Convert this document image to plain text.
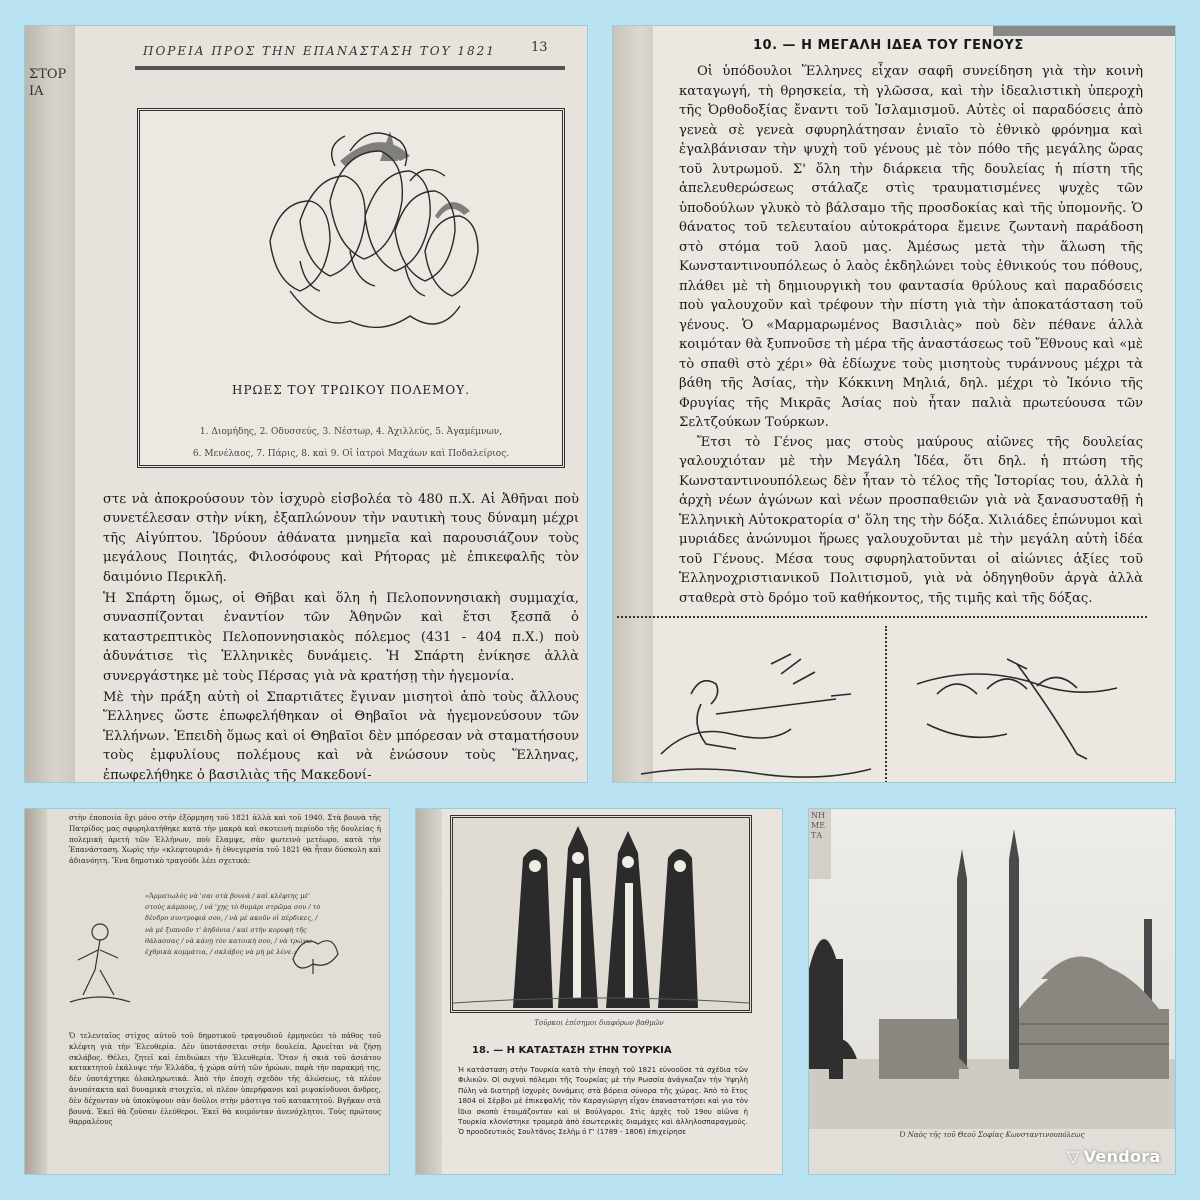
ΣΤΟΡΙΑ
ΠΟΡΕΙΑ ΠΡΟΣ ΤΗΝ ΕΠΑΝΑΣΤΑΣΗ ΤΟΥ 1821	13
ΗΡΩΕΣ ΤΟΥ ΤΡΩΙΚΟΥ ΠΟΛΕΜΟΥ.
1. Διομήδης, 2. Οδυσσεύς, 3. Νέστωρ, 4. Ἀχιλλεύς, 5. Ἀγαμέμνων,
6. Μενέλαος, 7. Πάρις, 8. καὶ 9. Οἱ ἰατροὶ Μαχάων καὶ Ποδαλείριος.

στε νὰ ἀποκρούσουν τὸν ἰσχυρὸ εἰσβολέα τὸ 480 π.Χ. Αἱ Ἀθῆναι ποὺ συνετέλεσαν στὴν νίκη, ἐξαπλώνουν τὴν ναυτικὴ τους δύναμη μέχρι τῆς Αἰγύπτου. Ἱδρύουν ἀθάνατα μνημεῖα καὶ παρουσιάζουν τοὺς μεγάλους Ποιητάς, Φιλοσόφους καὶ Ρήτορας μὲ ἐπικεφαλῆς τὸν δαιμόνιο Περικλῆ.

Ἡ Σπάρτη ὅμως, οἱ Θῆβαι καὶ ὅλη ἡ Πελοποννησιακὴ συμμαχία, συνασπίζονται ἐναντίον τῶν Ἀθηνῶν καὶ ἔτσι ξεσπᾶ ὁ καταστρεπτικὸς Πελοποννησιακὸς πόλεμος (431 - 404 π.Χ.) ποὺ ἀδυνάτισε τὶς Ἑλληνικὲς δυνάμεις. Ἡ Σπάρτη ἐνίκησε ἀλλὰ συνεργάστηκε μὲ τοὺς Πέρσας γιὰ νὰ κρατήσῃ τὴν ἡγεμονία.

Μὲ τὴν πράξη αὐτὴ οἱ Σπαρτιᾶτες ἔγιναν μισητοὶ ἀπὸ τοὺς ἄλλους Ἕλληνες ὥστε ἐπωφελήθηκαν οἱ Θηβαῖοι νὰ ἡγεμονεύσουν τῶν Ἑλλήνων. Ἐπειδὴ ὅμως καὶ οἱ Θηβαῖοι δὲν μπόρεσαν νὰ σταματήσουν τοὺς ἐμφυλίους πολέμους καὶ νὰ ἑνώσουν τοὺς Ἕλληνας, ἐπωφελήθηκε ὁ βασιλιὰς τῆς Μακεδονί-

10. — Η ΜΕΓΑΛΗ ΙΔΕΑ ΤΟΥ ΓΕΝΟΥΣ

Οἱ ὑπόδουλοι Ἕλληνες εἶχαν σαφῆ συνείδηση γιὰ τὴν κοινὴ καταγωγή, τὴ θρησκεία, τὴ γλῶσσα, καὶ τὴν ἰδεαλιστικὴ ὑπεροχὴ τῆς Ὀρθοδοξίας ἔναντι τοῦ Ἰσλαμισμοῦ. Αὐτὲς οἱ παραδόσεις ἀπὸ γενεὰ σὲ γενεὰ σφυρηλάτησαν ἐνιαῖο τὸ ἐθνικὸ φρόνημα καὶ ἐγαλβάνισαν τὴν ψυχὴ τοῦ γένους μὲ τὸν πόθο τῆς μεγάλης ὥρας τοῦ λυτρωμοῦ. Σ' ὅλη τὴν διάρκεια τῆς δουλείας ἡ πίστη τῆς ἀπελευθερώσεως στάλαζε στὶς τραυματισμένες ψυχὲς τῶν ὑποδούλων γλυκὸ τὸ βάλσαμο τῆς προσδοκίας καὶ τῆς ὑπομονῆς. Ὁ θάνατος τοῦ τελευταίου αὐτοκράτορα ἔμεινε ζωντανὴ παράδοση στὸ στόμα τοῦ λαοῦ μας. Ἀμέσως μετὰ τὴν ἅλωση τῆς Κωνσταντινουπόλεως ὁ λαὸς ἐκδηλώνει τοὺς ἐθνικούς του πόθους, πλάθει μὲ τὴ δημιουργικὴ του φαντασία θρύλους καὶ παραδόσεις ποὺ γαλουχοῦν καὶ τρέφουν τὴν πίστη γιὰ τὴν ἀποκατάσταση τοῦ γένους. Ὁ «Μαρμαρωμένος Βασιλιὰς» ποὺ δὲν πέθανε ἀλλὰ κοιμόταν θὰ ξυπνοῦσε τὴ μέρα τῆς ἀναστάσεως τοῦ Ἔθνους καὶ «μὲ τὸ σπαθὶ στὸ χέρι» θὰ ἐδίωχνε τοὺς μισητοὺς τυράννους μέχρι τὰ βάθη τῆς Ἀσίας, τὴν Κόκκινη Μηλιά, δηλ. μέχρι τὸ Ἰκόνιο τῆς Φρυγίας τῆς Μικρᾶς Ἀσίας ποὺ ἦταν παλιὰ πρωτεύουσα τῶν Σελτζούκων Τούρκων.

Ἔτσι τὸ Γένος μας στοὺς μαύρους αἰῶνες τῆς δουλείας γαλουχιόταν μὲ τὴν Μεγάλη Ἰδέα, ὅτι δηλ. ἡ πτώση τῆς Κωνσταντινουπόλεως δὲν ἦταν τὸ τέλος τῆς Ἱστορίας του, ἀλλὰ ἡ ἀρχὴ νέων ἀγώνων καὶ νέων προσπαθειῶν γιὰ νὰ ξανασυσταθῇ ἡ Ἑλληνικὴ Αὐτοκρατορία σ' ὅλη της τὴν δόξα. Χιλιάδες ἐπώνυμοι καὶ μυριάδες ἀνώνυμοι ἥρωες γαλουχοῦνται μὲ τὴν μεγάλη αὐτὴ ἰδέα τοῦ Γένους. Μέσα τους σφυρηλατοῦνται οἱ αἰώνιες ἀξίες τοῦ Ἑλληνοχριστιανικοῦ Πολιτισμοῦ, γιὰ νὰ ὁδηγηθοῦν ἀργὰ ἀλλὰ σταθερὰ στὸ δρόμο τοῦ καθήκοντος, τῆς τιμῆς καὶ τῆς δόξας.

στὴν ἐποποιία ὄχι μόνο στὴν ἐξόρμηση τοῦ 1821 ἀλλὰ καὶ τοῦ 1940. Στὰ βουνὰ τῆς Πατρίδος μας σφυρηλατήθηκε κατὰ τὴν μακρὰ καὶ σκοτεινὴ περίοδο τῆς δουλείας ἡ πολεμικὴ ἀρετὴ τῶν Ἑλλήνων, ποὺ ἔλαμψε, σὰν φωτεινὸ μετέωρο, κατὰ τὴν Ἐπανάσταση. Χωρὶς τὴν «κλεφτουριά» ἡ ἐθνεγερσία τοῦ 1821 θὰ ἦταν δύσκολη καὶ ἀδιανόητη. Ἕνα δημοτικὸ τραγούδι λέει σχετικά:
«Ἀρματωλὸς νὰ 'σαι στὰ βουνὰ / καὶ κλέφτης μὲ' στοὺς κάμπους, / νά 'χῃς τὸ θυμάρι στρῶμα σου / τὸ δένδρο συντροφιά σου, / νὰ μὲ ακοῦν οἱ πέρδικες, / νὰ μὲ ξυπνοῦν τ' ἀηδόνια / καὶ στὴν κορυφὴ τῆς θάλασσας / νὰ κάνῃ τὸν κατοικὴ σου, / νὰ τρώγω ἐχθρικὰ κομμάτια, / σκλάβος νὰ μὴ μὲ λένε.»
Ὁ τελευταῖος στίχος αὐτοῦ τοῦ δημοτικοῦ τραγουδιοῦ ἐρμηνεύει τὸ πάθος τοῦ κλέφτη γιὰ τὴν Ἐλευθερία. Δὲν ὑποτάσσεται στὴν δουλεία. Ἀρνεῖται νὰ ζήσῃ σκλάβος. Θέλει, ζητεῖ καὶ ἐπιδιώκει τὴν Ἐλευθερία. Ὅταν ἡ σκιὰ τοῦ ἀσιάτου κατακτητοῦ ἐκάλυψε τὴν Ἑλλάδα, ἡ χώρα αὐτὴ τῶν ἡρώων, παρὰ τὴν παρακμή της, δὲν ὑποτάχτηκε ὁλοκληρωτικά. Ἀπὸ τὴν ἐποχὴ σχεδὸν τῆς ἁλώσεως, τὰ πλέον ἀνυπότακτα καὶ δυναμικὰ στοιχεῖα, οἱ πλέον ὑπερήφανοι καὶ ριψοκίνδυνοι ἄνδρες, δὲν δέχονταν νὰ ὑποκύψουν σὰν δοῦλοι στὴν μάστιγα τοῦ κατακτητοῦ. Βγῆκαν στὰ βουνά. Ἐκεῖ θὰ ζοῦσαν ἐλεύθεροι. Ἐκεῖ θὰ κοιμόνταν ἀνενόχλητοι. Τοὺς πρώτους θαρραλέους
Τοῦρκοι ἐπίσημοι διαφόρων βαθμῶν
18. — Η ΚΑΤΑΣΤΑΣΗ ΣΤΗΝ ΤΟΥΡΚΙΑ
Ἡ κατάσταση στὴν Τουρκία κατὰ τὴν ἐποχὴ τοῦ 1821 εὐνοοῦσε τὰ σχέδια τῶν Φιλικῶν. Οἱ συχνοὶ πόλεμοι τῆς Τουρκίας μὲ τὴν Ρωσσία ἀνάγκαζαν τὴν Ὑψηλὴ Πύλη νὰ διατηρῇ ἰσχυρὲς δυνάμεις στὰ βόρεια σύνορα τῆς χώρας. Ἀπὸ τὸ ἔτος 1804 οἱ Σέρβοι μὲ ἐπικεφαλῆς τὸν Καραγιώργη εἶχαν ἐπαναστατήσει καὶ για τὸν ἴδιο σκοπὸ ἑτοιμάζονταν καὶ οἱ Βούλγαροι. Στὶς ἀρχὲς τοῦ 19ου αἰῶνα ἡ Τουρκία κλονίστηκε τρομερὰ ἀπὸ ἐσωτερικὲς διαμάχες καὶ ἀλληλοσπαραγμούς. Ὁ προοδευτικὸς Σουλτᾶνος Σελὴμ ὁ Γ' (1789 - 1806) ἐπιχείρησε
ΝΗ ΜΕ ΤΑ
Ὁ Ναὸς τῆς τοῦ Θεοῦ Σοφίας Κωνσταντινουπόλεως
▽ Vendora
